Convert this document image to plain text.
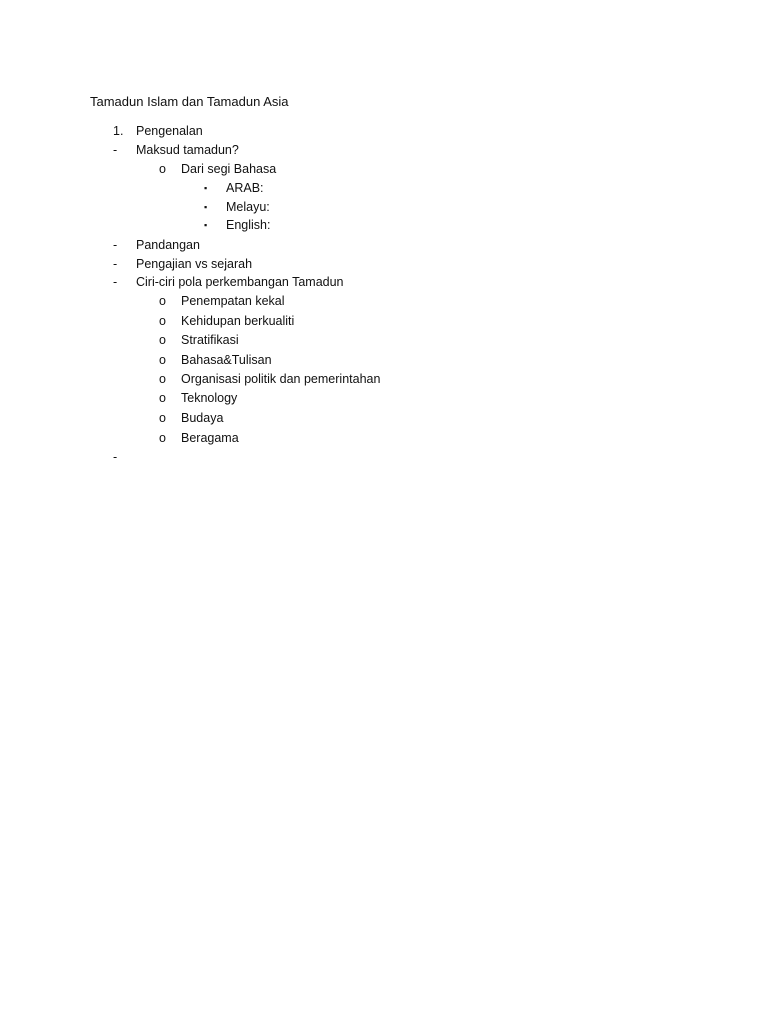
Tamadun Islam dan Tamadun Asia
1. Pengenalan
- Maksud tamadun?
o Dari segi Bahasa
▪ ARAB:
▪ Melayu:
▪ English:
- Pandangan
- Pengajian vs sejarah
- Ciri-ciri pola perkembangan Tamadun
o Penempatan kekal
o Kehidupan berkualiti
o Stratifikasi
o Bahasa&Tulisan
o Organisasi politik dan pemerintahan
o Teknology
o Budaya
o Beragama
-
